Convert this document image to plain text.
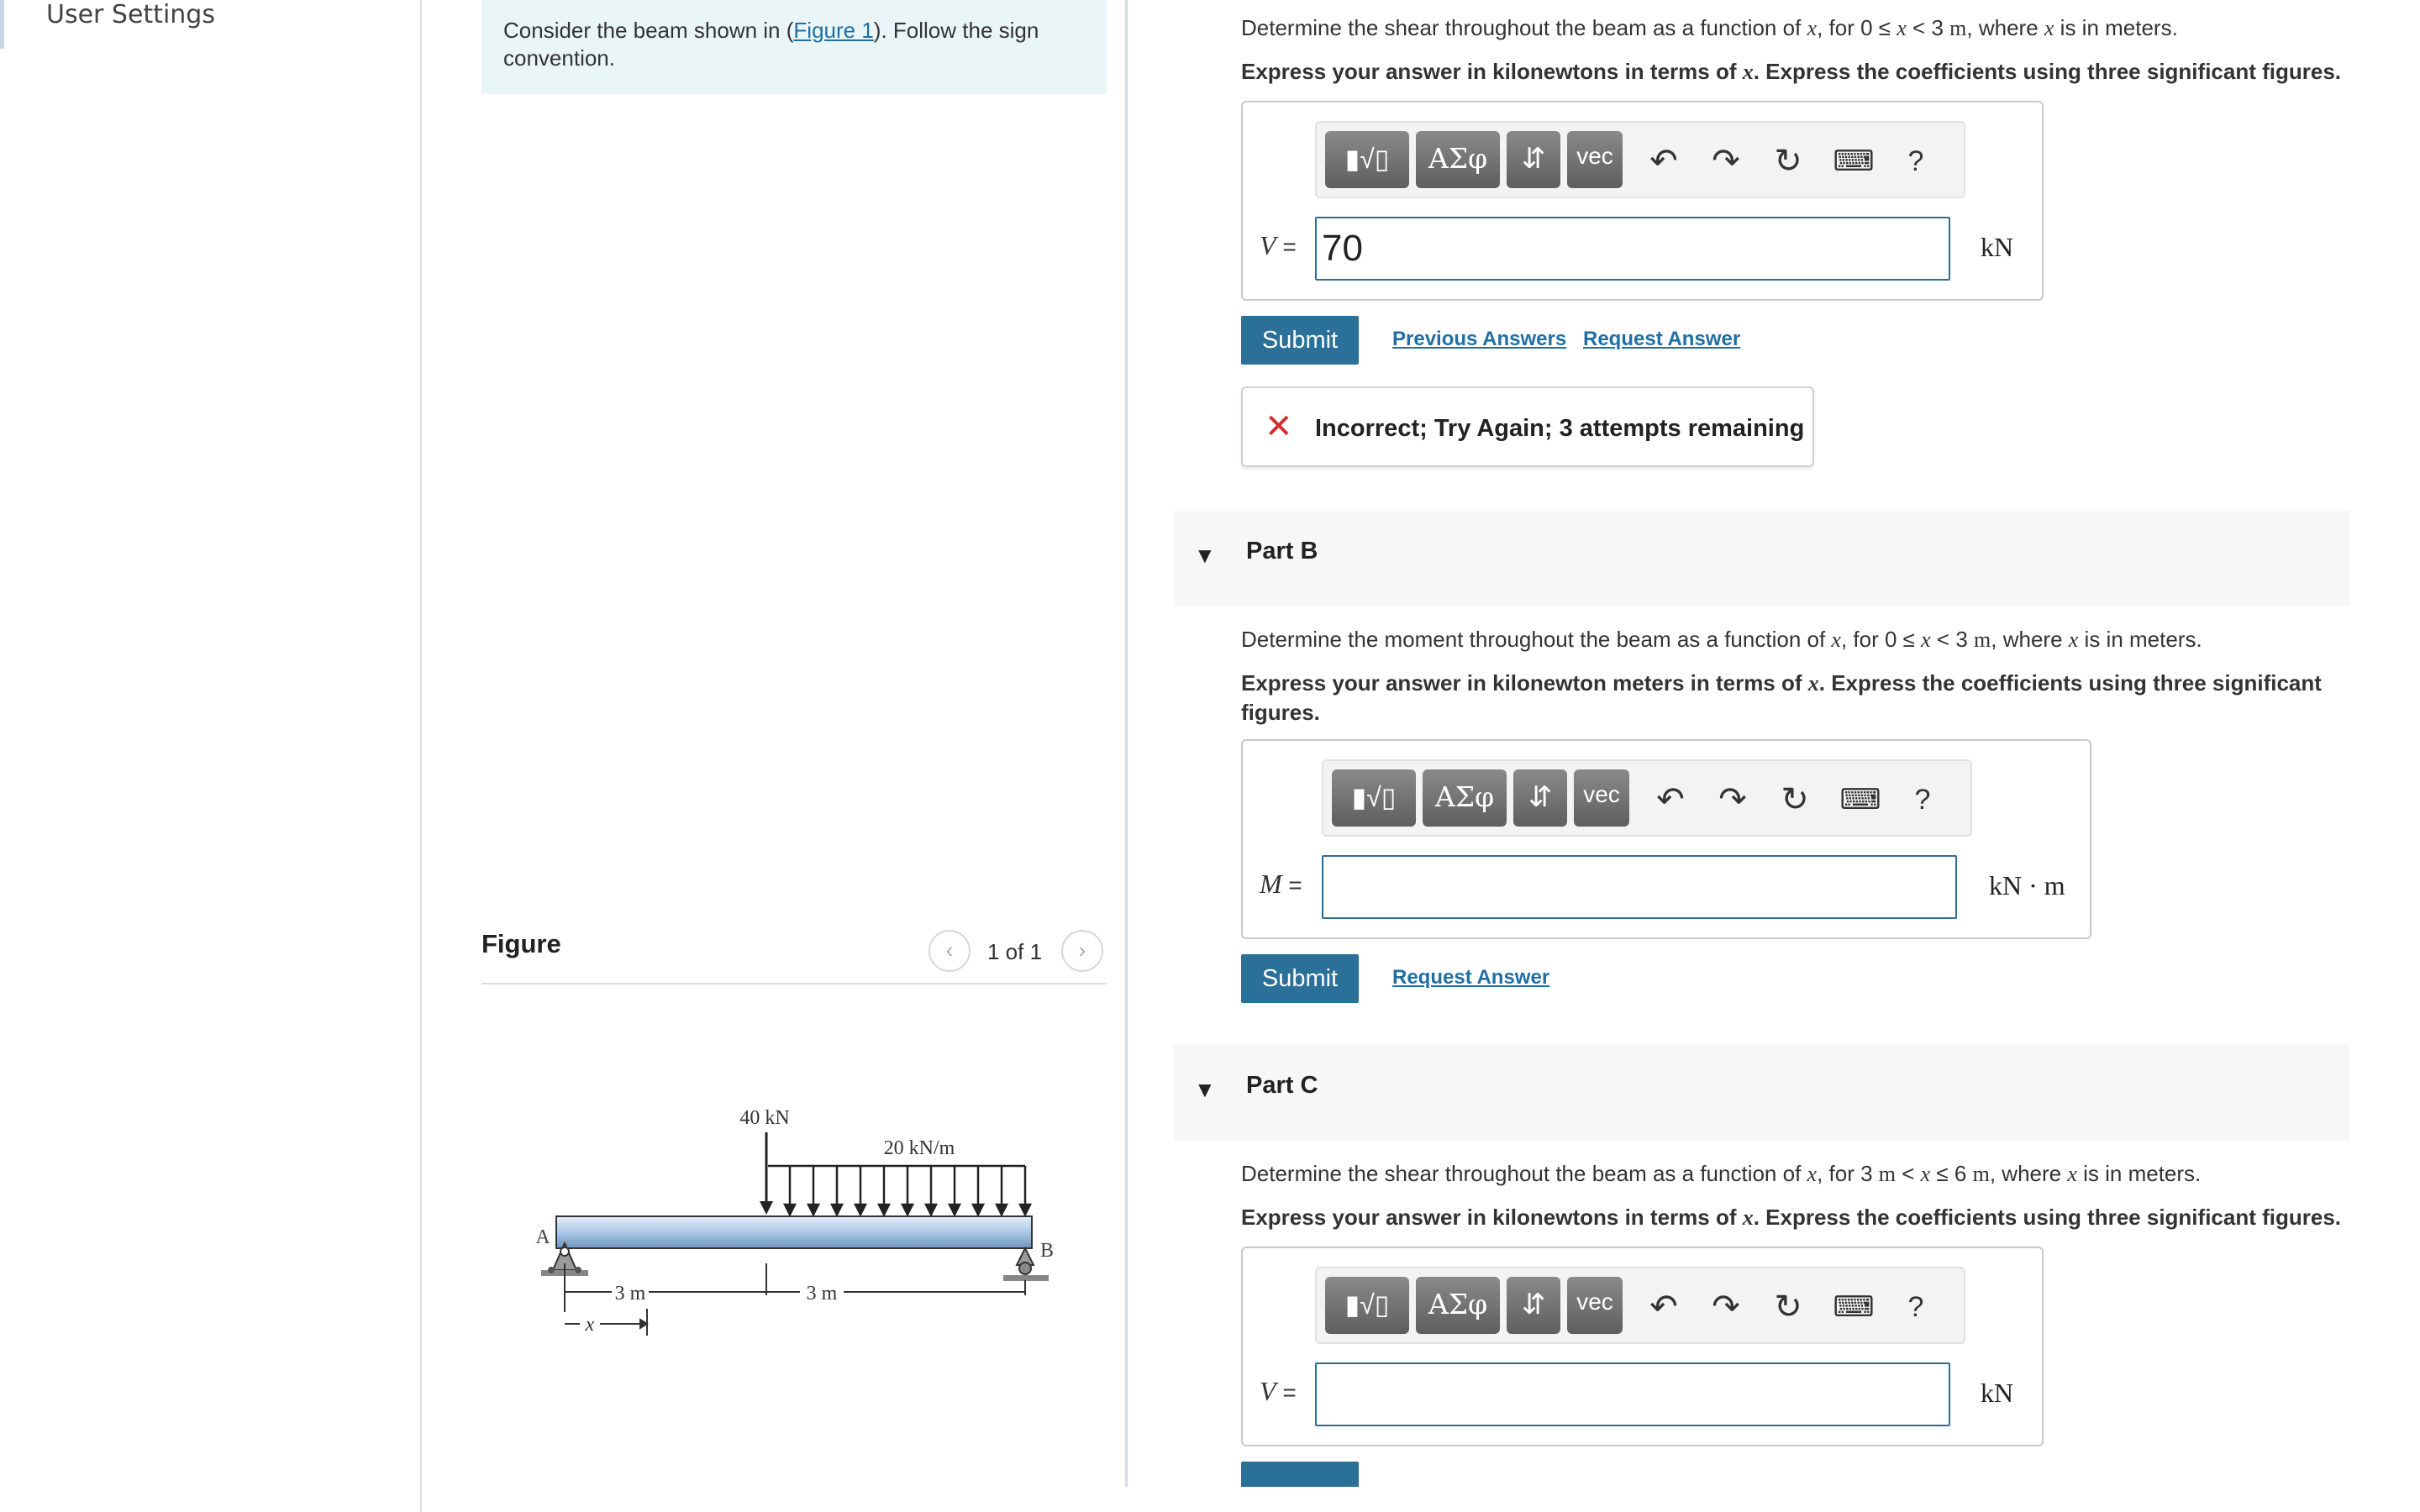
User Settings
Consider the beam shown in (Figure 1). Follow the sign convention.
Figure	‹	1 of 1	›
40 kN
20 kN/m
A
B
3 m	3 m
x
Determine the shear throughout the beam as a function of x, for 0 ≤ x < 3 m, where x is in meters.
Express your answer in kilonewtons in terms of x. Express the coefficients using three significant figures.
▮√▯	ΑΣφ	⇵	vec ↶ ↷ ↻ ⌨	?
V = 70	kN
Submit	Previous Answers Request Answer
✕ Incorrect; Try Again; 3 attempts remaining
▼ Part B
Determine the moment throughout the beam as a function of x, for 0 ≤ x < 3 m, where x is in meters.
Express your answer in kilonewton meters in terms of x. Express the coefficients using three significant figures.
▮√▯	ΑΣφ	⇵	vec ↶ ↷ ↻ ⌨	?
M =	kN · m
Submit	Request Answer
▼ Part C
Determine the shear throughout the beam as a function of x, for 3 m < x ≤ 6 m, where x is in meters.
Express your answer in kilonewtons in terms of x. Express the coefficients using three significant figures.
▮√▯	ΑΣφ	⇵	vec ↶ ↷ ↻ ⌨	?
V =	kN
